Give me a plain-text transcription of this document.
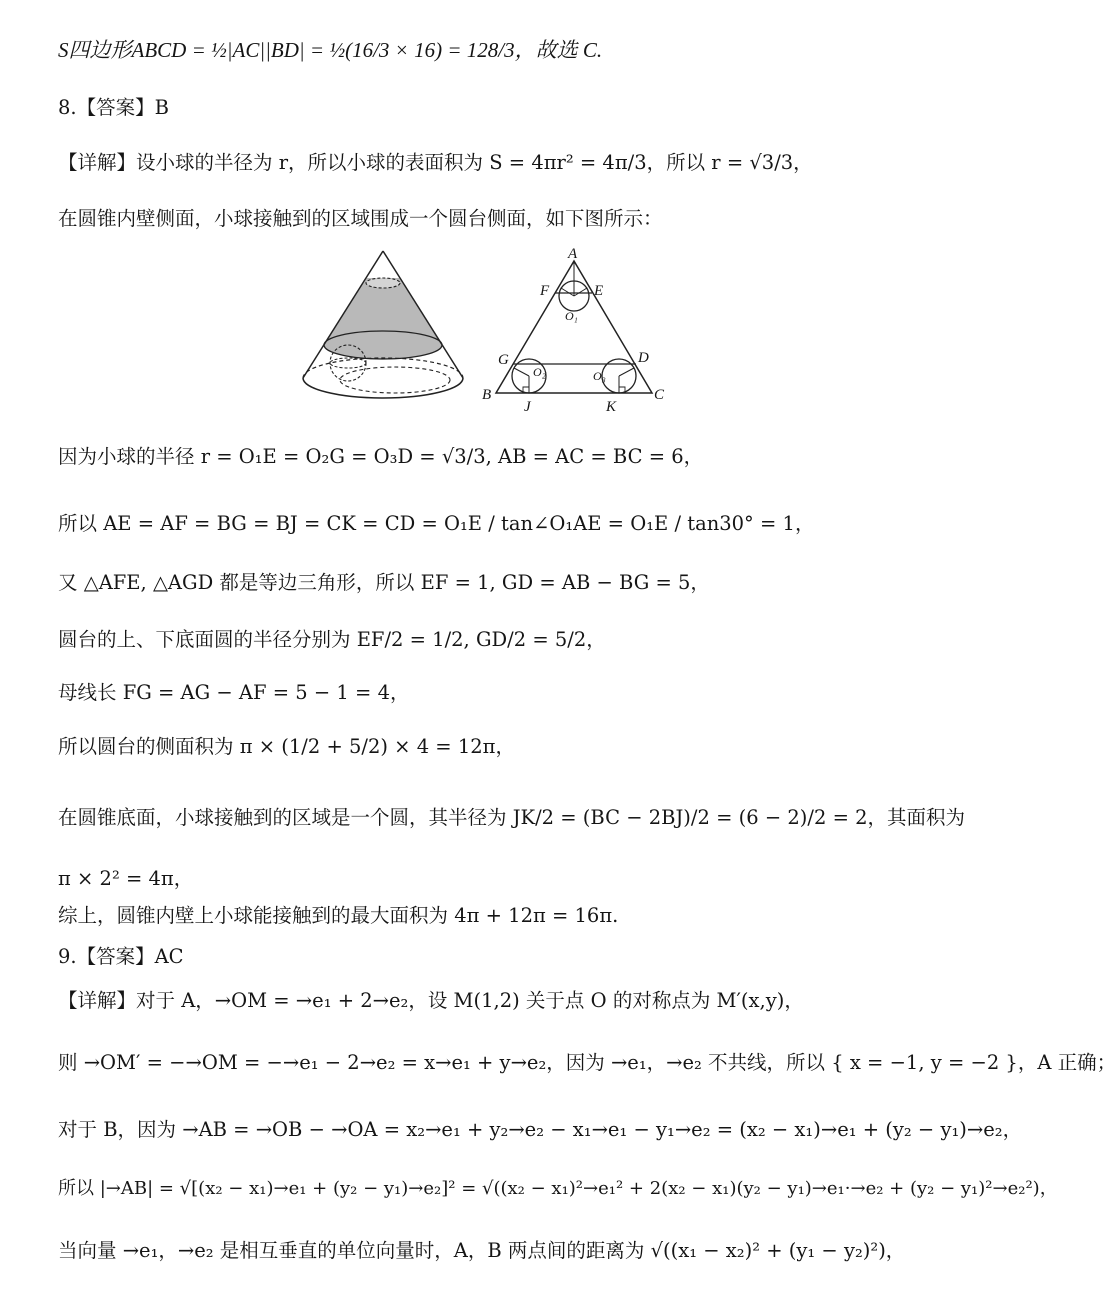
S四边形ABCD = ½|AC||BD| = ½(16/3 × 16) = 128/3，故选 C.
8.【答案】B
【详解】设小球的半径为 r，所以小球的表面积为 S = 4πr² = 4π/3，所以 r = √3/3，
在圆锥内壁侧面，小球接触到的区域围成一个圆台侧面，如下图所示：
因为小球的半径 r = O₁E = O₂G = O₃D = √3/3, AB = AC = BC = 6，
所以 AE = AF = BG = BJ = CK = CD = O₁E / tan∠O₁AE = O₁E / tan30° = 1，
又 △AFE, △AGD 都是等边三角形，所以 EF = 1, GD = AB − BG = 5，
圆台的上、下底面圆的半径分别为 EF/2 = 1/2, GD/2 = 5/2，
母线长 FG = AG − AF = 5 − 1 = 4，
所以圆台的侧面积为 π × (1/2 + 5/2) × 4 = 12π，
在圆锥底面，小球接触到的区域是一个圆，其半径为 JK/2 = (BC − 2BJ)/2 = (6 − 2)/2 = 2，其面积为
π × 2² = 4π，
综上，圆锥内壁上小球能接触到的最大面积为 4π + 12π = 16π.
9.【答案】AC
【详解】对于 A，→OM = →e₁ + 2→e₂，设 M(1,2) 关于点 O 的对称点为 M′(x,y)，
则 →OM′ = −→OM = −→e₁ − 2→e₂ = x→e₁ + y→e₂，因为 →e₁，→e₂ 不共线，所以 { x = −1, y = −2 }，A 正确；
对于 B，因为 →AB = →OB − →OA = x₂→e₁ + y₂→e₂ − x₁→e₁ − y₁→e₂ = (x₂ − x₁)→e₁ + (y₂ − y₁)→e₂，
所以 |→AB| = √[(x₂ − x₁)→e₁ + (y₂ − y₁)→e₂]² = √((x₂ − x₁)²→e₁² + 2(x₂ − x₁)(y₂ − y₁)→e₁·→e₂ + (y₂ − y₁)²→e₂²)，
当向量 →e₁，→e₂ 是相互垂直的单位向量时，A，B 两点间的距离为 √((x₁ − x₂)² + (y₁ − y₂)²)，
A
F	E
O₁
G	D
O₂	O₃
B	C
J	K
